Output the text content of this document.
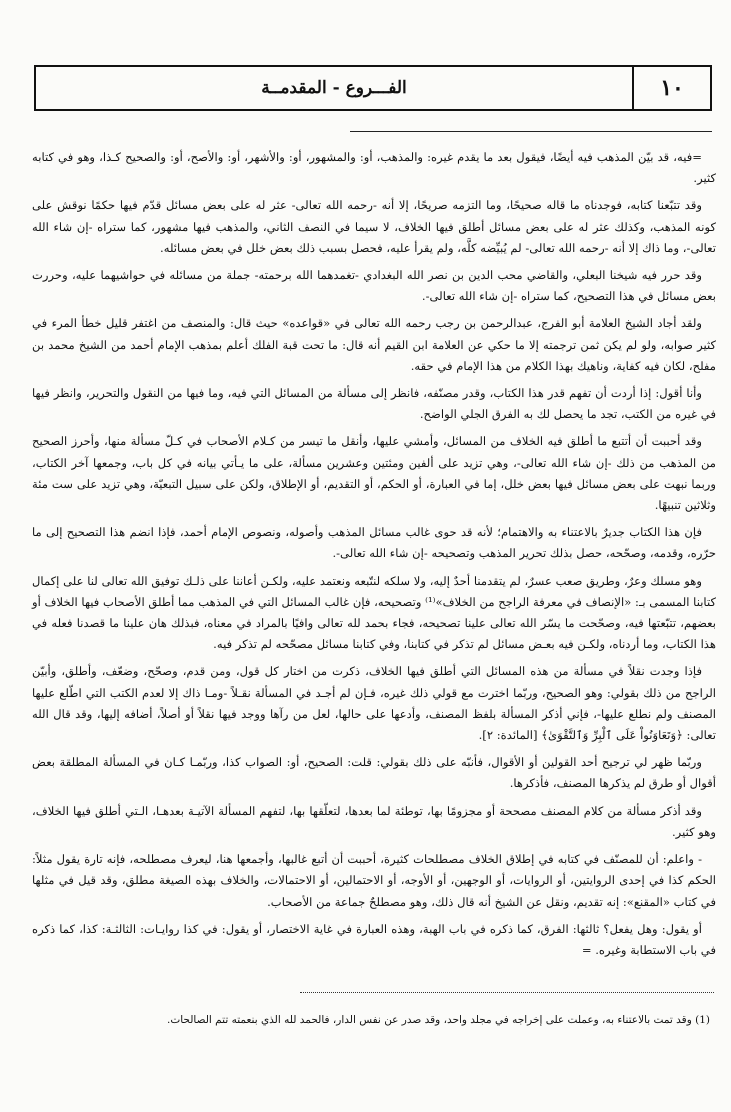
١٠
الفـــروع - المقدمــة

=فيه، قد بيّن المذهب فيه أيضًا، فيقول بعد ما يقدم غيره: والمذهب، أو: والمشهور، أو: والأشهر، أو: والأصح، أو: والصحيح كـذا، وهو في كتابه كثير.

وقد تتبّعنا كتابه، فوجدناه ما قاله صحيحًا، وما التزمه صريحًا، إلا أنه -رحمه الله تعالى- عثر له على بعض مسائل قدّم فيها حكمًا نوقش على كونه المذهب، وكذلك عثر له على بعض مسائل أطلق فيها الخلاف، لا سيما في النصف الثاني، والمذهب فيها مشهور، كما ستراه -إن شاء الله تعالى-، وما ذاك إلا أنه -رحمه الله تعالى- لم يُبيِّضه كلَّه، ولم يقرأ عليه، فحصل بسبب ذلك بعض خلل في بعض مسائله.

وقد حرر فيه شيخنا البعلي، والقاضي محب الدين بن نصر الله البغدادي -تغمدهما الله برحمته- جملة من مسائله في حواشيهما عليه، وحررت بعض مسائل في هذا التصحيح، كما ستراه -إن شاء الله تعالى-.

ولقد أجاد الشيخ العلامة أبو الفرج، عبدالرحمن بن رجب رحمه الله تعالى في «قواعده» حيث قال: والمنصف من اغتفر قليل خطأ المرء في كثير صوابه، ولو لم يكن ثمن ترجمته إلا ما حكي عن العلامة ابن القيم أنه قال: ما تحت قبة الفلك أعلم بمذهب الإمام أحمد من الشيخ محمد بن مفلح، لكان فيه كفاية، وناهيك بهذا الكلام من هذا الإمام في حقه.

وأنا أقول: إذا أردت أن تفهم قدر هذا الكتاب، وقدر مصنّفه، فانظر إلى مسألة من المسائل التي فيه، وما فيها من النقول والتحرير، وانظر فيها في غيره من الكتب، تجد ما يحصل لك به الفرق الجلي الواضح.

وقد أحببت أن أتتبع ما أطلق فيه الخلاف من المسائل، وأمشي عليها، وأنقل ما تيسر من كـلام الأصحاب في كـلّ مسألة منها، وأحرز الصحيح من المذهب من ذلك -إن شاء الله تعالى-، وهي تزيد على ألفين ومئتين وعشرين مسألة، على ما يـأتي بيانه في كل باب، وجمعها آخر الكتاب، وربما نبهت على بعض مسائل فيها بعض خلل، إما في العبارة، أو الحكم، أو التقديم، أو الإطلاق، ولكن على سبيل التبعيّة، وهي تزيد على ست مئة وثلاثين تنبيهًا.

فإن هذا الكتاب جديرٌ بالاعتناء به والاهتمام؛ لأنه قد حوى غالب مسائل المذهب وأصوله، ونصوص الإمام أحمد، فإذا انضم هذا التصحيح إلى ما حرّره، وقدمه، وصحّحه، حصل بذلك تحرير المذهب وتصحيحه -إن شاء الله تعالى-.

وهو مسلك وعرٌ، وطريق صعب عسرٌ، لم يتقدمنا أحدٌ إليه، ولا سلكه لنتّبعه ونعتمد عليه، ولكـن أعاننا على ذلـك توفيق الله تعالى لنا على إكمال كتابنا المسمى بـ: «الإنصاف في معرفة الراجح من الخلاف»⁽¹⁾ وتصحيحه، فإن غالب المسائل التي في المذهب مما أطلق الأصحاب فيها الخلاف أو بعضهم، تتبّعتها فيه، وصحّحت ما يسّر الله تعالى علينا تصحيحه، فجاء بحمد لله تعالى وافيًا بالمراد في معناه، فبذلك هان علينا ما قصدنا فعله في هذا الكتاب، وما أردناه، ولكـن فيه بعـض مسائل لم تذكر في كتابنا، وفي كتابنا مسائل مصحّحه لم تذكر فيه.

فإذا وجدت نقلاً في مسألة من هذه المسائل التي أطلق فيها الخلاف، ذكرت من اختار كل قول، ومن قدم، وصحّح، وضعّف، وأطلق، وأبيّن الراجح من ذلك بقولي: وهو الصحيح، وربّما اخترت مع قولي ذلك غيره، فـإن لم أجـد في المسألة نقـلاً -ومـا ذاك إلا لعدم الكتب التي اطّلع عليها المصنف ولم نطلع عليها-، فإني أذكر المسألة بلفظ المصنف، وأدعها على حالها، لعل من رآها ووجد فيها نقلاً أو أصلاً، أضافه إليها، وقد قال الله تعالى: ﴿وَتَعَاوَنُواْ عَلَى ٱلْبِرِّ وَٱلتَّقْوَىٰ﴾ [المائدة: ٢].

وربّما ظهر لي ترجيح أحد القولين أو الأقوال، فأنبّه على ذلك بقولي: قلت: الصحيح، أو: الصواب كذا، وربّمـا كـان في المسألة المطلقة بعض أقوال أو طرق لم يذكرها المصنف، فأذكرها.

وقد أذكر مسألة من كلام المصنف مصححة أو مجزومًا بها، توطئة لما بعدها، لتعلّقها بها، لتفهم المسألة الآتيـة بعدهـا، الـتي أطلق فيها الخلاف، وهو كثير.

- واعلم: أن للمصنّف في كتابه في إطلاق الخلاف مصطلحات كثيرة، أحببت أن أتبع غالبها، وأجمعها هنا، ليعرف مصطلحه، فإنه تارة يقول مثلاً: الحكم كذا في إحدى الروايتين، أو الروايات، أو الوجهين، أو الأوجه، أو الاحتمالين، أو الاحتمالات، والخلاف بهذه الصيغة مطلق، وقد قيل في مثلها في كتاب «المقنع»: إنه تقديم، ونقل عن الشيخ أنه قال ذلك، وهو مصطلحٌ جماعة من الأصحاب.

أو يقول: وهل يفعل؟ ثالثها: الفرق، كما ذكره في باب الهبة، وهذه العبارة في غاية الاختصار، أو يقول: في كذا روايـات: الثالثـة: كذا، كما ذكره في باب الاستطابة وغيره. =

(1) وقد تمت بالاعتناء به، وعملت على إخراجه في مجلد واحد، وقد صدر عن نفس الدار، فالحمد لله الذي بنعمته تتم الصالحات.
